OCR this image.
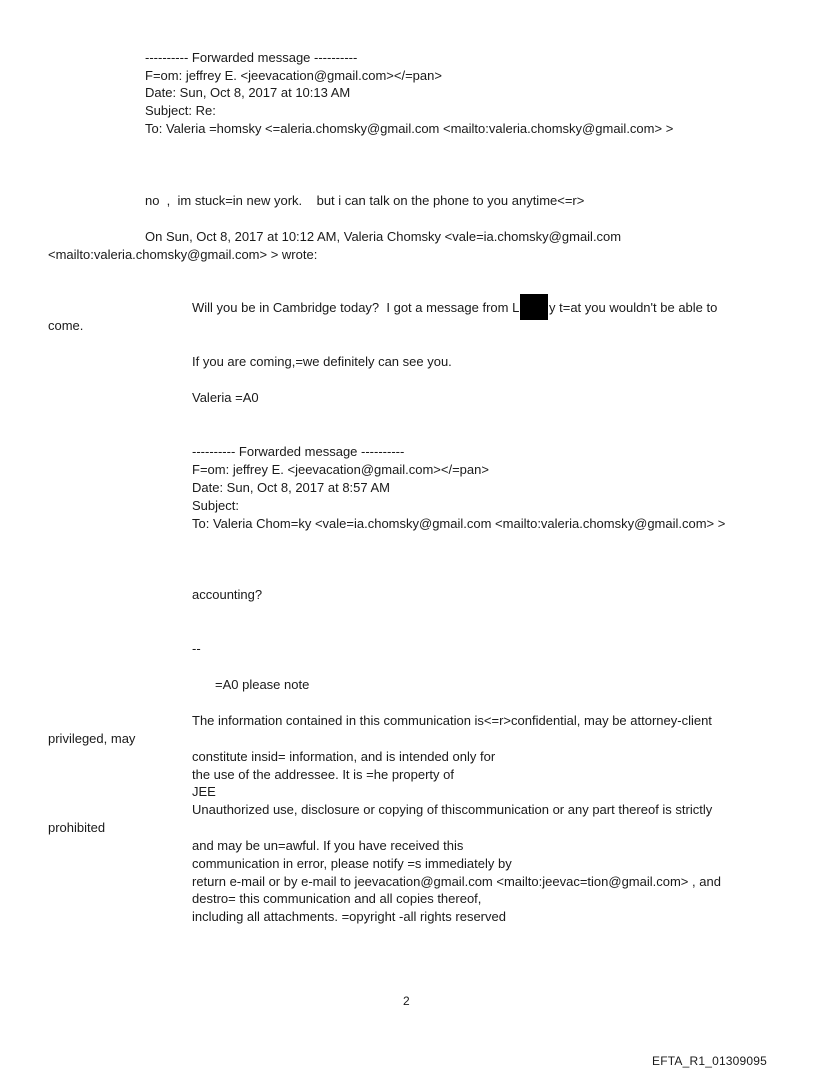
---------- Forwarded message ----------
F=om: jeffrey E. <jeevacation@gmail.com></=pan>
Date: Sun, Oct 8, 2017 at 10:13 AM
Subject: Re:
To: Valeria =homsky <=aleria.chomsky@gmail.com <mailto:valeria.chomsky@gmail.com> >
no  ,  im stuck=in new york.    but i can talk on the phone to you anytime<=r>
On Sun, Oct 8, 2017 at 10:12 AM, Valeria Chomsky <vale=ia.chomsky@gmail.com
<mailto:valeria.chomsky@gmail.com> > wrote:
Will you be in Cambridge today?  I got a message from L y t=at you wouldn't be able to
come.
If you are coming,=we definitely can see you.
Valeria =A0
---------- Forwarded message ----------
F=om: jeffrey E. <jeevacation@gmail.com></=pan>
Date: Sun, Oct 8, 2017 at 8:57 AM
Subject:
To: Valeria Chom=ky <vale=ia.chomsky@gmail.com <mailto:valeria.chomsky@gmail.com> >
accounting?
--
=A0 please note
The information contained in this communication is<=r>confidential, may be attorney-client
privileged, may
constitute insid= information, and is intended only for
the use of the addressee. It is =he property of
JEE
Unauthorized use, disclosure or copying of thiscommunication or any part thereof is strictly
prohibited
and may be un=awful. If you have received this
communication in error, please notify =s immediately by
return e-mail or by e-mail to jeevacation@gmail.com <mailto:jeevac=tion@gmail.com> , and
destro= this communication and all copies thereof,
including all attachments. =opyright -all rights reserved
2
EFTA_R1_01309095
